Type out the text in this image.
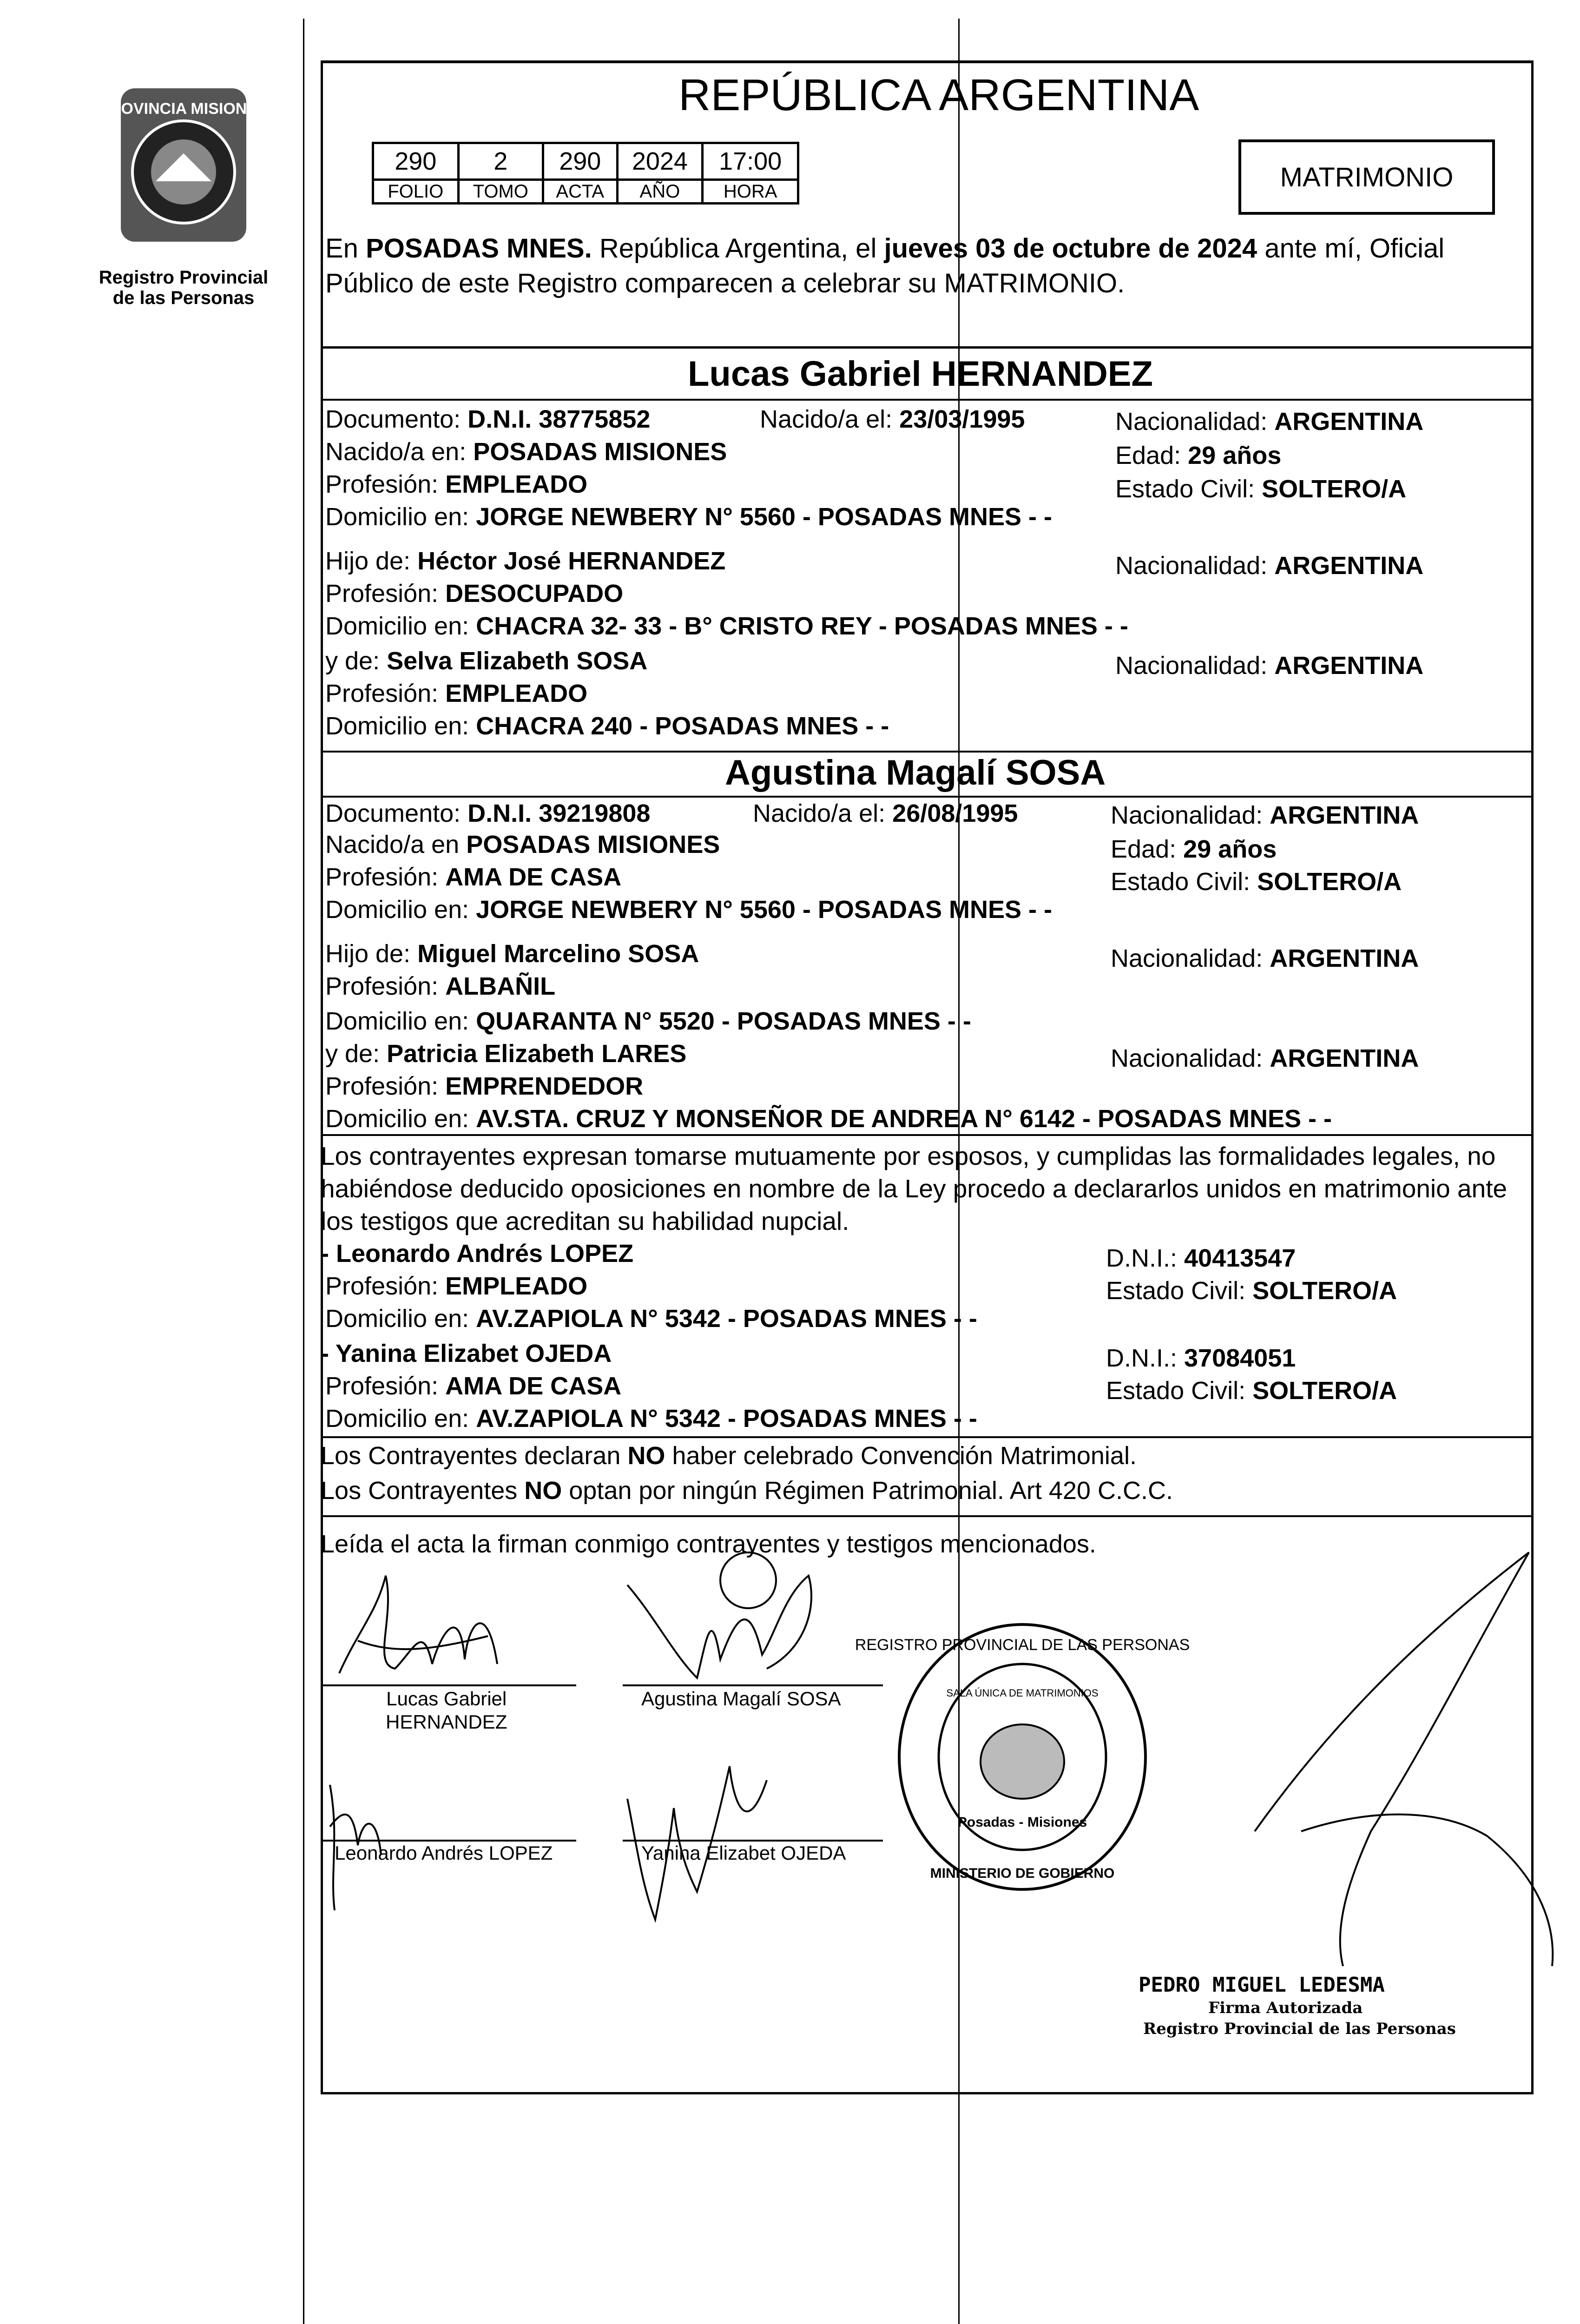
PROVINCIA MISIONES
Registro Provincial de las Personas
REPÚBLICA ARGENTINA
290	2	290	2024	17:00
FOLIO	TOMO	ACTA	AÑO	HORA	MATRIMONIO
En POSADAS MNES. República Argentina, el jueves 03 de octubre de 2024 ante mí, Oficial
Público de este Registro comparecen a celebrar su MATRIMONIO.
Lucas Gabriel HERNANDEZ
Documento: D.N.I. 38775852	Nacido/a el: 23/03/1995	Nacionalidad: ARGENTINA
Nacido/a en: POSADAS MISIONES	Edad: 29 años
Profesión: EMPLEADO	Estado Civil: SOLTERO/A
Domicilio en: JORGE NEWBERY N° 5560 - POSADAS MNES - -
Hijo de: Héctor José HERNANDEZ	Nacionalidad: ARGENTINA
Profesión: DESOCUPADO
Domicilio en: CHACRA 32- 33 - B° CRISTO REY - POSADAS MNES - -
y de: Selva Elizabeth SOSA	Nacionalidad: ARGENTINA
Profesión: EMPLEADO
Domicilio en: CHACRA 240 - POSADAS MNES - -
Agustina Magalí SOSA
Documento: D.N.I. 39219808	Nacido/a el: 26/08/1995	Nacionalidad: ARGENTINA
Nacido/a en POSADAS MISIONES	Edad: 29 años
Profesión: AMA DE CASA	Estado Civil: SOLTERO/A
Domicilio en: JORGE NEWBERY N° 5560 - POSADAS MNES - -
Hijo de: Miguel Marcelino SOSA	Nacionalidad: ARGENTINA
Profesión: ALBAÑIL
Domicilio en: QUARANTA N° 5520 - POSADAS MNES - -
y de: Patricia Elizabeth LARES	Nacionalidad: ARGENTINA
Profesión: EMPRENDEDOR
Domicilio en: AV.STA. CRUZ Y MONSEÑOR DE ANDREA N° 6142 - POSADAS MNES - -
Los contrayentes expresan tomarse mutuamente por esposos, y cumplidas las formalidades legales, no
habiéndose deducido oposiciones en nombre de la Ley procedo a declararlos unidos en matrimonio ante
los testigos que acreditan su habilidad nupcial.
- Leonardo Andrés LOPEZ	D.N.I.: 40413547
Profesión: EMPLEADO	Estado Civil: SOLTERO/A
Domicilio en: AV.ZAPIOLA N° 5342 - POSADAS MNES - -
- Yanina Elizabet OJEDA	D.N.I.: 37084051
Profesión: AMA DE CASA	Estado Civil: SOLTERO/A
Domicilio en: AV.ZAPIOLA N° 5342 - POSADAS MNES - -
Los Contrayentes declaran NO haber celebrado Convención Matrimonial.
Los Contrayentes NO optan por ningún Régimen Patrimonial. Art 420 C.C.C.
Leída el acta la firman conmigo contrayentes y testigos mencionados.
Lucas Gabriel
HERNANDEZ
Agustina Magalí SOSA
Leonardo Andrés LOPEZ	Yanina Elizabet OJEDA
REGISTRO PROVINCIAL DE LAS PERSONAS
SALA ÚNICA DE MATRIMONIOS
Posadas - Misiones
MINISTERIO DE GOBIERNO
PEDRO MIGUEL LEDESMA
Firma Autorizada
Registro Provincial de las Personas
